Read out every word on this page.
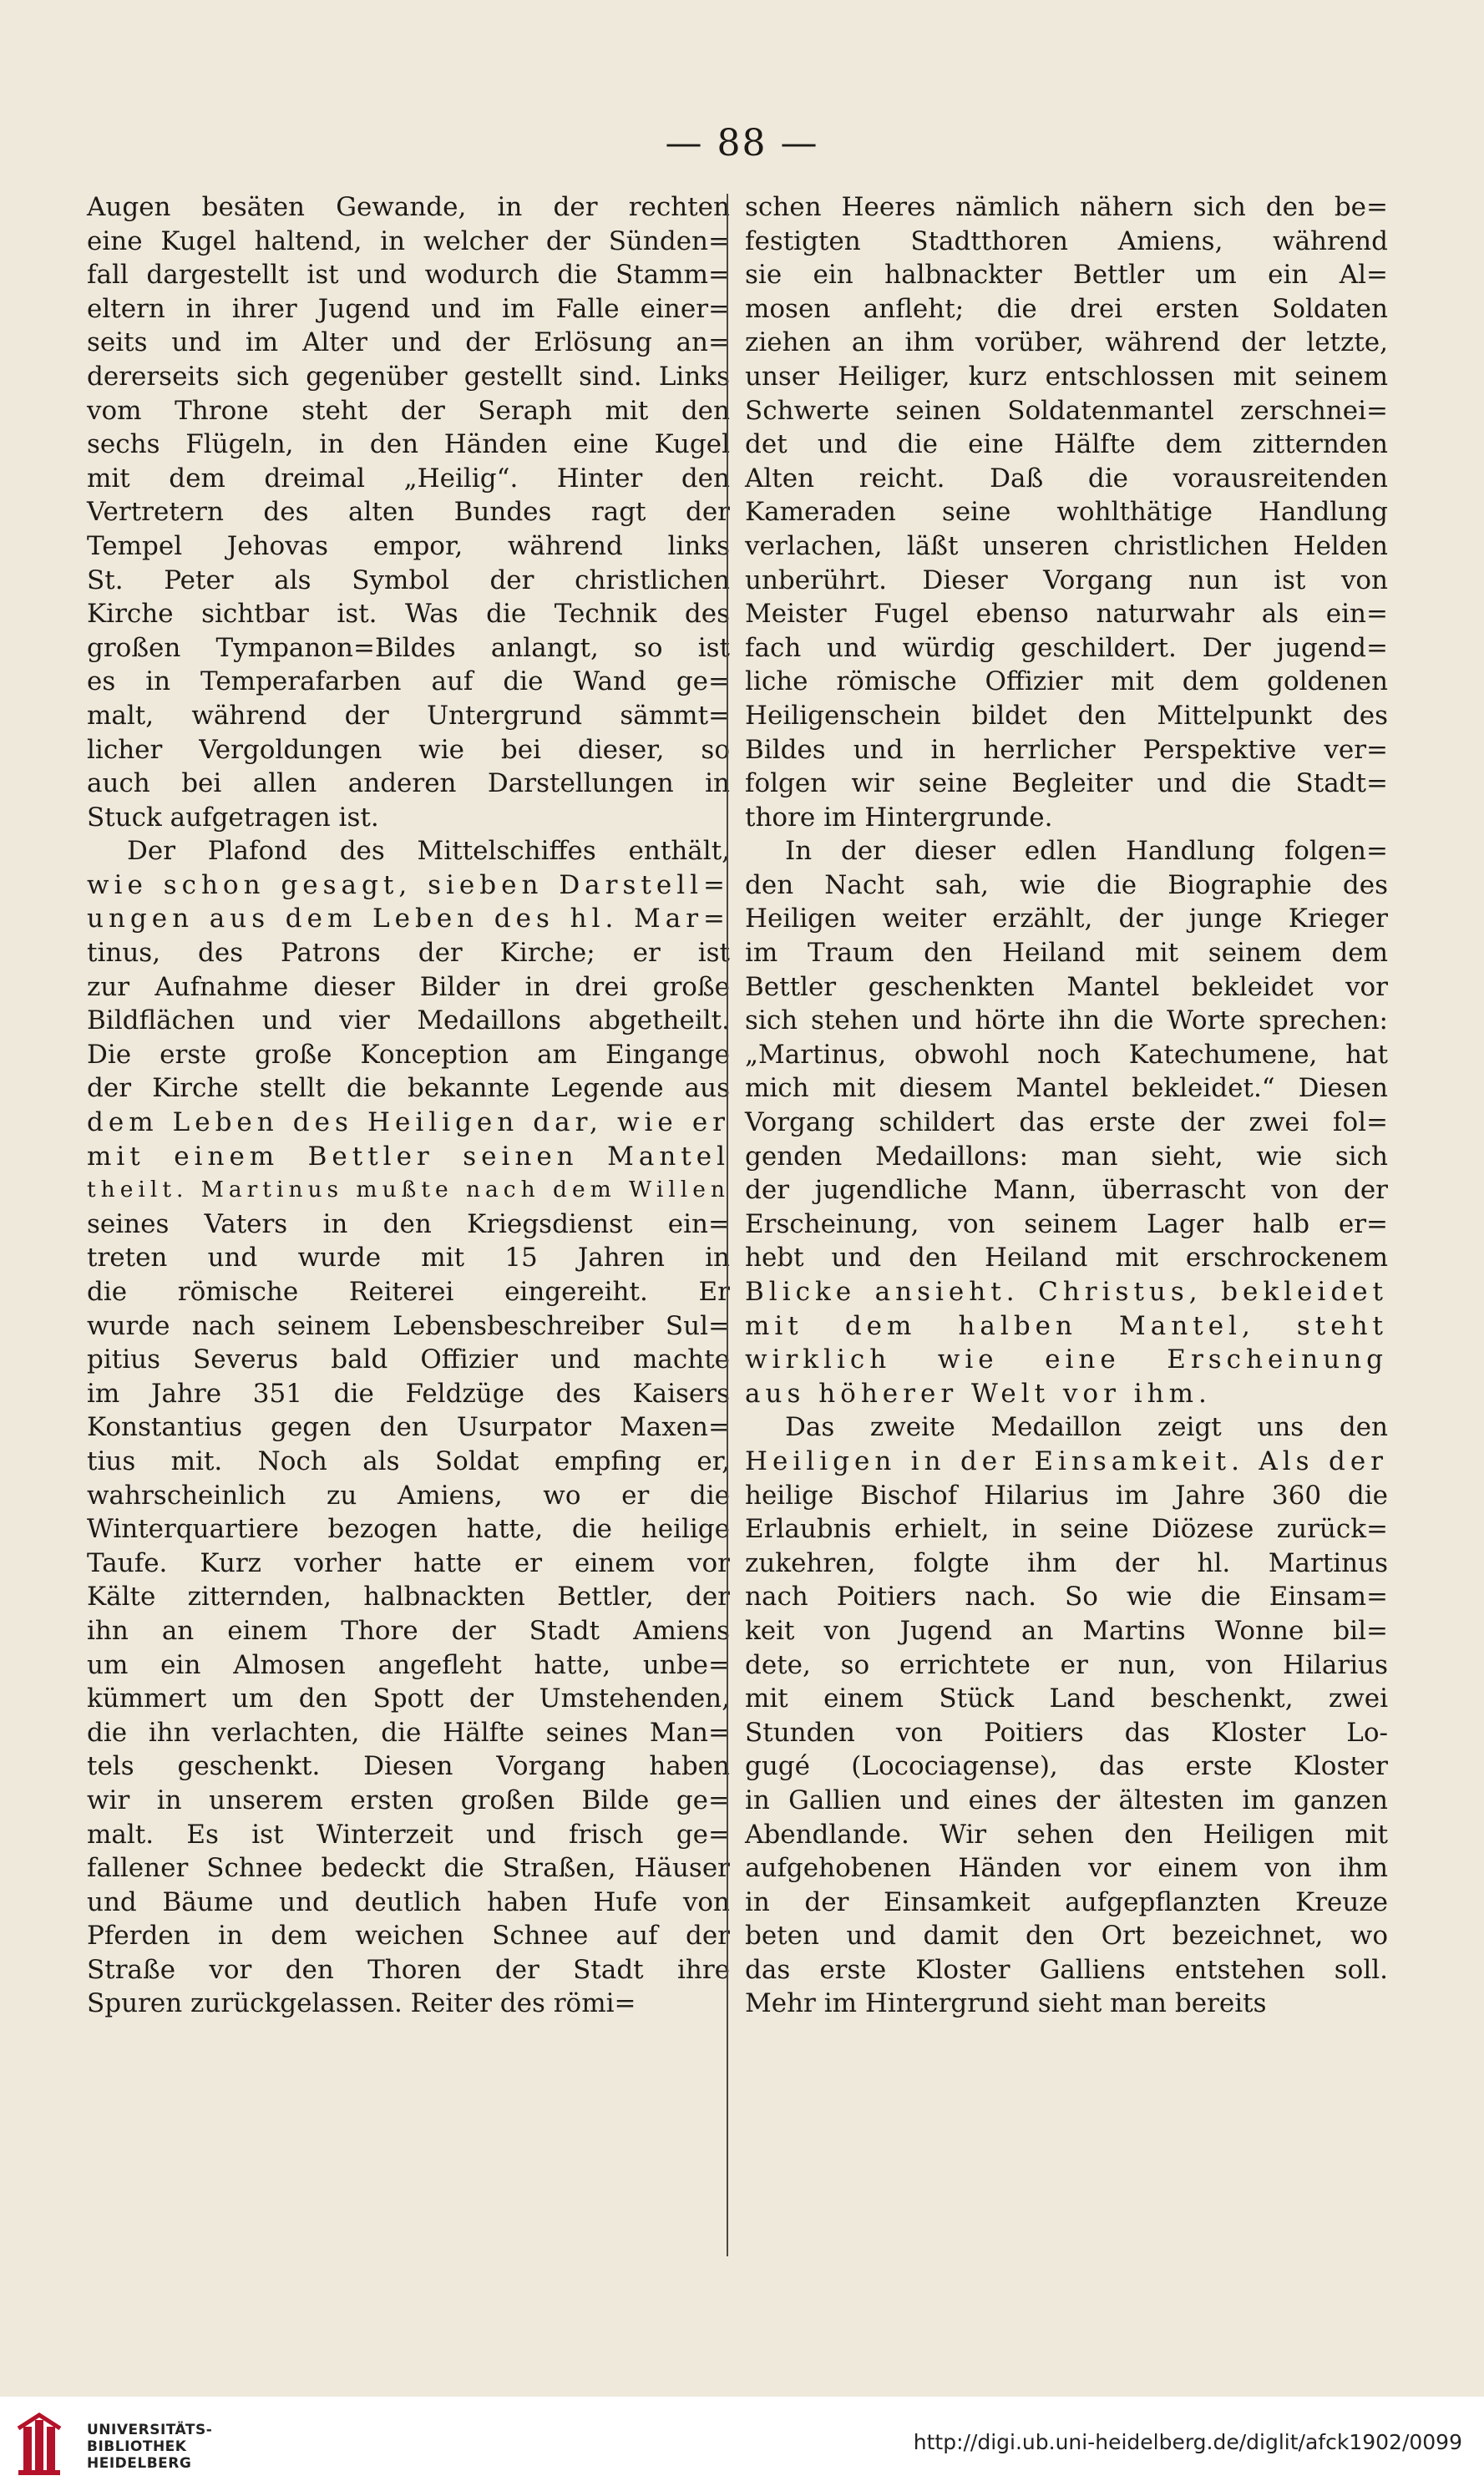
— 88 —
Augen besäten Gewande, in der rechten
eine Kugel haltend, in welcher der Sünden=
fall dargestellt ist und wodurch die Stamm=
eltern in ihrer Jugend und im Falle einer=
seits und im Alter und der Erlösung an=
dererseits sich gegenüber gestellt sind. Links
vom Throne steht der Seraph mit den
sechs Flügeln, in den Händen eine Kugel
mit dem dreimal „Heilig“. Hinter den
Vertretern des alten Bundes ragt der
Tempel Jehovas empor, während links
St. Peter als Symbol der christlichen
Kirche sichtbar ist. Was die Technik des
großen Tympanon=Bildes anlangt, so ist
es in Temperafarben auf die Wand ge=
malt, während der Untergrund sämmt=
licher Vergoldungen wie bei dieser, so
auch bei allen anderen Darstellungen in
Stuck aufgetragen ist.
Der Plafond des Mittelschiffes enthält,
wie schon gesagt, sieben Darstell=
ungen aus dem Leben des hl. Mar=
tinus, des Patrons der Kirche; er ist
zur Aufnahme dieser Bilder in drei große
Bildflächen und vier Medaillons abgetheilt.
Die erste große Konception am Eingange
der Kirche stellt die bekannte Legende aus
dem Leben des Heiligen dar, wie er
mit einem Bettler seinen Mantel
theilt. Martinus mußte nach dem Willen
seines Vaters in den Kriegsdienst ein=
treten und wurde mit 15 Jahren in
die römische Reiterei eingereiht. Er
wurde nach seinem Lebensbeschreiber Sul=
pitius Severus bald Offizier und machte
im Jahre 351 die Feldzüge des Kaisers
Konstantius gegen den Usurpator Maxen=
tius mit. Noch als Soldat empfing er,
wahrscheinlich zu Amiens, wo er die
Winterquartiere bezogen hatte, die heilige
Taufe. Kurz vorher hatte er einem vor
Kälte zitternden, halbnackten Bettler, der
ihn an einem Thore der Stadt Amiens
um ein Almosen angefleht hatte, unbe=
kümmert um den Spott der Umstehenden,
die ihn verlachten, die Hälfte seines Man=
tels geschenkt. Diesen Vorgang haben
wir in unserem ersten großen Bilde ge=
malt. Es ist Winterzeit und frisch ge=
fallener Schnee bedeckt die Straßen, Häuser
und Bäume und deutlich haben Hufe von
Pferden in dem weichen Schnee auf der
Straße vor den Thoren der Stadt ihre
Spuren zurückgelassen. Reiter des römi=
schen Heeres nämlich nähern sich den be=
festigten Stadtthoren Amiens, während
sie ein halbnackter Bettler um ein Al=
mosen anfleht; die drei ersten Soldaten
ziehen an ihm vorüber, während der letzte,
unser Heiliger, kurz entschlossen mit seinem
Schwerte seinen Soldatenmantel zerschnei=
det und die eine Hälfte dem zitternden
Alten reicht. Daß die vorausreitenden
Kameraden seine wohlthätige Handlung
verlachen, läßt unseren christlichen Helden
unberührt. Dieser Vorgang nun ist von
Meister Fugel ebenso naturwahr als ein=
fach und würdig geschildert. Der jugend=
liche römische Offizier mit dem goldenen
Heiligenschein bildet den Mittelpunkt des
Bildes und in herrlicher Perspektive ver=
folgen wir seine Begleiter und die Stadt=
thore im Hintergrunde.
In der dieser edlen Handlung folgen=
den Nacht sah, wie die Biographie des
Heiligen weiter erzählt, der junge Krieger
im Traum den Heiland mit seinem dem
Bettler geschenkten Mantel bekleidet vor
sich stehen und hörte ihn die Worte sprechen:
„Martinus, obwohl noch Katechumene, hat
mich mit diesem Mantel bekleidet.“ Diesen
Vorgang schildert das erste der zwei fol=
genden Medaillons: man sieht, wie sich
der jugendliche Mann, überrascht von der
Erscheinung, von seinem Lager halb er=
hebt und den Heiland mit erschrockenem
Blicke ansieht. Christus, bekleidet
mit dem halben Mantel, steht
wirklich wie eine Erscheinung
aus höherer Welt vor ihm.
Das zweite Medaillon zeigt uns den
Heiligen in der Einsamkeit. Als der
heilige Bischof Hilarius im Jahre 360 die
Erlaubnis erhielt, in seine Diözese zurück=
zukehren, folgte ihm der hl. Martinus
nach Poitiers nach. So wie die Einsam=
keit von Jugend an Martins Wonne bil=
dete, so errichtete er nun, von Hilarius
mit einem Stück Land beschenkt, zwei
Stunden von Poitiers das Kloster Lo-
gugé (Locociagense), das erste Kloster
in Gallien und eines der ältesten im ganzen
Abendlande. Wir sehen den Heiligen mit
aufgehobenen Händen vor einem von ihm
in der Einsamkeit aufgepflanzten Kreuze
beten und damit den Ort bezeichnet, wo
das erste Kloster Galliens entstehen soll.
Mehr im Hintergrund sieht man bereits
UNIVERSITÄTS-
BIBLIOTHEK
HEIDELBERG
http://digi.ub.uni-heidelberg.de/diglit/afck1902/0099
